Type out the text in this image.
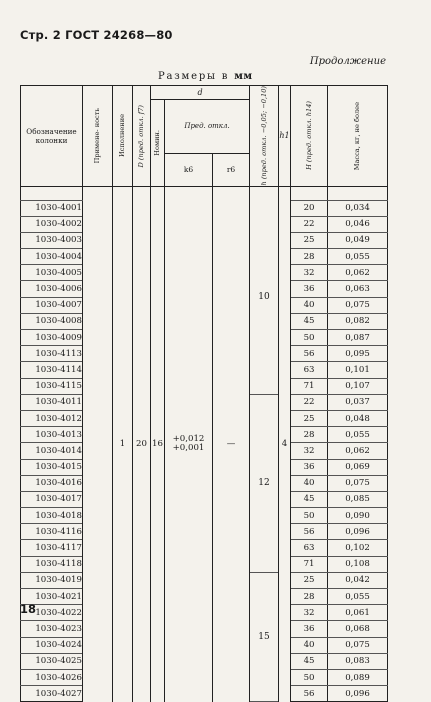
Стр. 2 ГОСТ 24268—80
Продолжение
Размеры в мм
Обозначение колонки	Примене- ность	Исполнение	D (пред. откл. f7)	d			h (пред. откл. −0,05; −0,10)	h1	H (пред. откл. h14)	Масса, кг, не более

				Номин.	Пред. откл.					
					k6	r6				
		1	20	16	+0,012
+0,001	—		4		
1030-4001							10		20	0,034
1030-4002									22	0,046
1030-4003									25	0,049
1030-4004									28	0,055
1030-4005									32	0,062
1030-4006									36	0,063
1030-4007									40	0,075
1030-4008									45	0,082
1030-4009									50	0,087
1030-4113									56	0,095
1030-4114									63	0,101
1030-4115									71	0,107
1030-4011							12		22	0,037
1030-4012									25	0,048
1030-4013									28	0,055
1030-4014									32	0,062
1030-4015									36	0,069
1030-4016									40	0,075
1030-4017									45	0,085
1030-4018									50	0,090
1030-4116									56	0,096
1030-4117									63	0,102
1030-4118									71	0,108
1030-4019							15		25	0,042
1030-4021									28	0,055
1030-4022									32	0,061
1030-4023									36	0,068
1030-4024									40	0,075
1030-4025									45	0,083
1030-4026									50	0,089
1030-4027									56	0,096
18
